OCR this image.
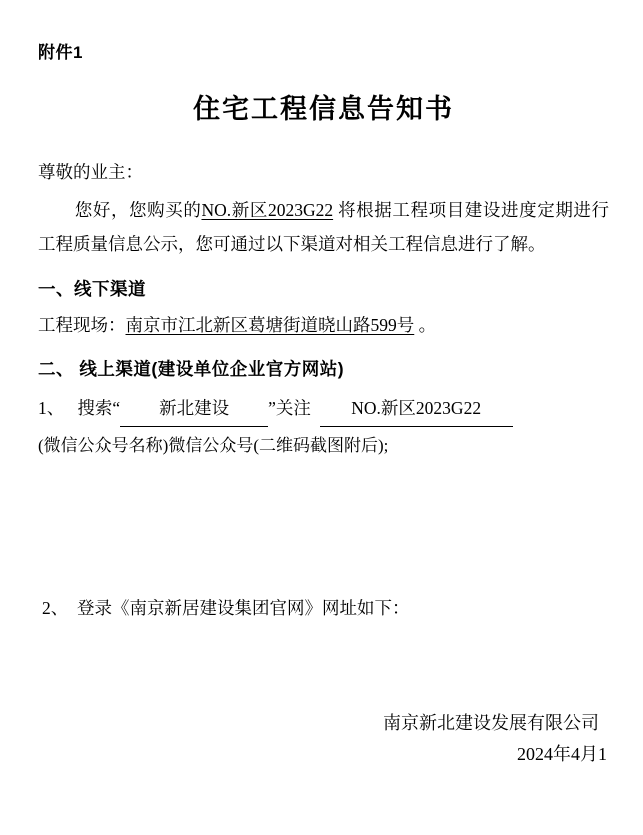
附件1
住宅工程信息告知书
尊敬的业主：

您好，您购买的NO.新区2023G22 将根据工程项目建设进度定期进行工程质量信息公示，您可通过以下渠道对相关工程信息进行了解。

一、线下渠道
工程现场：南京市江北新区葛塘街道晓山路599号 。
二、 线上渠道(建设单位企业官方网站)
1、 搜索“ 新北建设 ”关注 NO.新区2023G22
(微信公众号名称)微信公众号(二维码截图附后);
2、 登录《南京新居建设集团官网》网址如下：
南京新北建设发展有限公司
2024年4月1
